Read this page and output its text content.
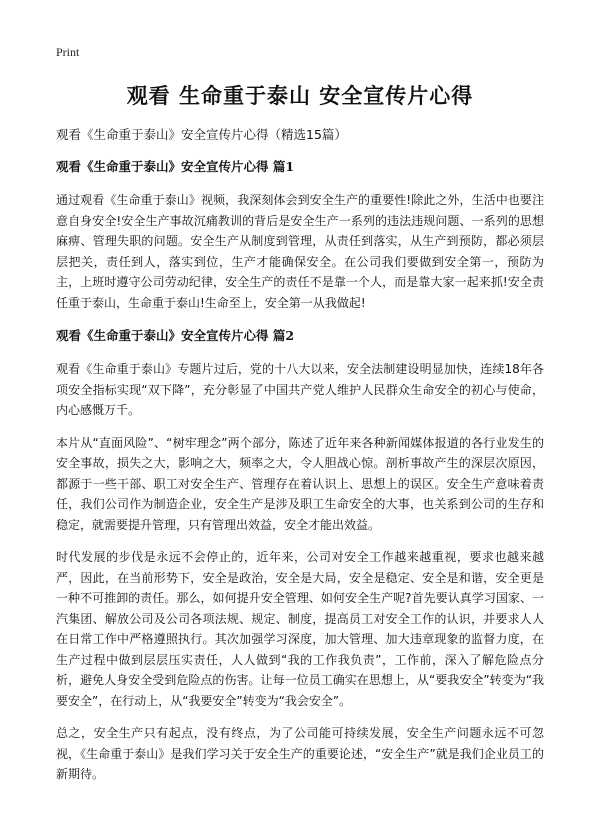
Print
观看 生命重于泰山 安全宣传片心得
观看《生命重于泰山》安全宣传片心得（精选15篇）
观看《生命重于泰山》安全宣传片心得 篇1

通过观看《生命重于泰山》视频，我深刻体会到安全生产的重要性!除此之外，生活中也要注意自身安全!安全生产事故沉痛教训的背后是安全生产一系列的违法违规问题、一系列的思想麻痹、管理失职的问题。安全生产从制度到管理，从责任到落实，从生产到预防，都必须层层把关，责任到人，落实到位，生产才能确保安全。在公司我们要做到安全第一，预防为主，上班时遵守公司劳动纪律，安全生产的责任不是靠一个人，而是靠大家一起来抓!安全责任重于泰山，生命重于泰山!生命至上，安全第一从我做起!

观看《生命重于泰山》安全宣传片心得 篇2

观看《生命重于泰山》专题片过后，党的十八大以来，安全法制建设明显加快，连续18年各项安全指标实现“双下降”，充分彰显了中国共产党人维护人民群众生命安全的初心与使命，内心感慨万千。

本片从“直面风险”、“树牢理念”两个部分，陈述了近年来各种新闻媒体报道的各行业发生的安全事故，损失之大，影响之大，频率之大，令人胆战心惊。剖析事故产生的深层次原因，都源于一些干部、职工对安全生产、管理存在着认识上、思想上的误区。安全生产意味着责任，我们公司作为制造企业，安全生产是涉及职工生命安全的大事，也关系到公司的生存和稳定，就需要提升管理，只有管理出效益，安全才能出效益。

时代发展的步伐是永远不会停止的，近年来，公司对安全工作越来越重视，要求也越来越严，因此，在当前形势下，安全是政治，安全是大局，安全是稳定、安全是和谐，安全更是一种不可推卸的责任。那么，如何提升安全管理、如何安全生产呢?首先要认真学习国家、一汽集团、解放公司及公司各项法规、规定、制度，提高员工对安全工作的认识，并要求人人在日常工作中严格遵照执行。其次加强学习深度，加大管理、加大违章现象的监督力度，在生产过程中做到层层压实责任，人人做到“我的工作我负责”，工作前，深入了解危险点分析，避免人身安全受到危险点的伤害。让每一位员工确实在思想上，从“要我安全”转变为“我要安全”，在行动上，从“我要安全”转变为“我会安全”。

总之，安全生产只有起点，没有终点，为了公司能可持续发展，安全生产问题永远不可忽视，《生命重于泰山》是我们学习关于安全生产的重要论述，“安全生产”就是我们企业员工的新期待。
